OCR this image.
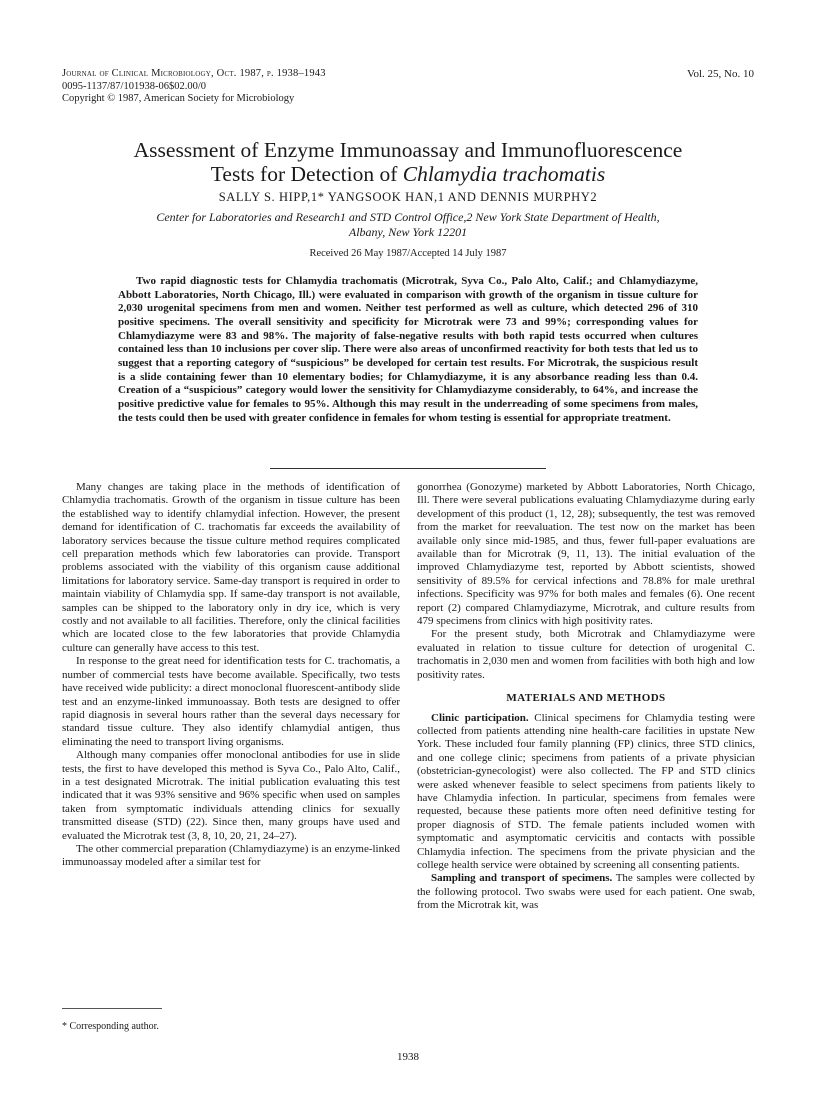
Journal of Clinical Microbiology, Oct. 1987, p. 1938–1943
0095-1137/87/101938-06$02.00/0
Copyright © 1987, American Society for Microbiology
Vol. 25, No. 10
Assessment of Enzyme Immunoassay and Immunofluorescence
Tests for Detection of Chlamydia trachomatis
SALLY S. HIPP,1* YANGSOOK HAN,1 AND DENNIS MURPHY2
Center for Laboratories and Research1 and STD Control Office,2 New York State Department of Health,
Albany, New York 12201
Received 26 May 1987/Accepted 14 July 1987

Two rapid diagnostic tests for Chlamydia trachomatis (Microtrak, Syva Co., Palo Alto, Calif.; and Chlamydiazyme, Abbott Laboratories, North Chicago, Ill.) were evaluated in comparison with growth of the organism in tissue culture for 2,030 urogenital specimens from men and women. Neither test performed as well as culture, which detected 296 of 310 positive specimens. The overall sensitivity and specificity for Microtrak were 73 and 99%; corresponding values for Chlamydiazyme were 83 and 98%. The majority of false-negative results with both rapid tests occurred when cultures contained less than 10 inclusions per cover slip. There were also areas of unconfirmed reactivity for both tests that led us to suggest that a reporting category of “suspicious” be developed for certain test results. For Microtrak, the suspicious result is a slide containing fewer than 10 elementary bodies; for Chlamydiazyme, it is any absorbance reading less than 0.4. Creation of a “suspicious” category would lower the sensitivity for Chlamydiazyme considerably, to 64%, and increase the positive predictive value for females to 95%. Although this may result in the underreading of some specimens from males, the tests could then be used with greater confidence in females for whom testing is essential for appropriate treatment.

Many changes are taking place in the methods of identification of Chlamydia trachomatis. Growth of the organism in tissue culture has been the established way to identify chlamydial infection. However, the present demand for identification of C. trachomatis far exceeds the availability of laboratory services because the tissue culture method requires complicated cell preparation methods which few laboratories can provide. Transport problems associated with the viability of this organism cause additional limitations for laboratory service. Same-day transport is required in order to maintain viability of Chlamydia spp. If same-day transport is not available, samples can be shipped to the laboratory only in dry ice, which is very costly and not available to all facilities. Therefore, only the clinical facilities which are located close to the few laboratories that provide Chlamydia culture can generally have access to this test.

In response to the great need for identification tests for C. trachomatis, a number of commercial tests have become available. Specifically, two tests have received wide publicity: a direct monoclonal fluorescent-antibody slide test and an enzyme-linked immunoassay. Both tests are designed to offer rapid diagnosis in several hours rather than the several days necessary for standard tissue culture. They also identify chlamydial antigen, thus eliminating the need to transport living organisms.

Although many companies offer monoclonal antibodies for use in slide tests, the first to have developed this method is Syva Co., Palo Alto, Calif., in a test designated Microtrak. The initial publication evaluating this test indicated that it was 93% sensitive and 96% specific when used on samples taken from symptomatic individuals attending clinics for sexually transmitted disease (STD) (22). Since then, many groups have used and evaluated the Microtrak test (3, 8, 10, 20, 21, 24–27).

The other commercial preparation (Chlamydiazyme) is an enzyme-linked immunoassay modeled after a similar test for

gonorrhea (Gonozyme) marketed by Abbott Laboratories, North Chicago, Ill. There were several publications evaluating Chlamydiazyme during early development of this product (1, 12, 28); subsequently, the test was removed from the market for reevaluation. The test now on the market has been available only since mid-1985, and thus, fewer full-paper evaluations are available than for Microtrak (9, 11, 13). The initial evaluation of the improved Chlamydiazyme test, reported by Abbott scientists, showed sensitivity of 89.5% for cervical infections and 78.8% for male urethral infections. Specificity was 97% for both males and females (6). One recent report (2) compared Chlamydiazyme, Microtrak, and culture results from 479 specimens from clinics with high positivity rates.

For the present study, both Microtrak and Chlamydiazyme were evaluated in relation to tissue culture for detection of urogenital C. trachomatis in 2,030 men and women from facilities with both high and low positivity rates.

MATERIALS AND METHODS

Clinic participation. Clinical specimens for Chlamydia testing were collected from patients attending nine health-care facilities in upstate New York. These included four family planning (FP) clinics, three STD clinics, and one college clinic; specimens from patients of a private physician (obstetrician-gynecologist) were also collected. The FP and STD clinics were asked whenever feasible to select specimens from patients likely to have Chlamydia infection. In particular, specimens from females were requested, because these patients more often need definitive testing for proper diagnosis of STD. The female patients included women with symptomatic and asymptomatic cervicitis and contacts with possible Chlamydia infection. The specimens from the private physician and the college health service were obtained by screening all consenting patients.

Sampling and transport of specimens. The samples were collected by the following protocol. Two swabs were used for each patient. One swab, from the Microtrak kit, was

* Corresponding author.
1938
